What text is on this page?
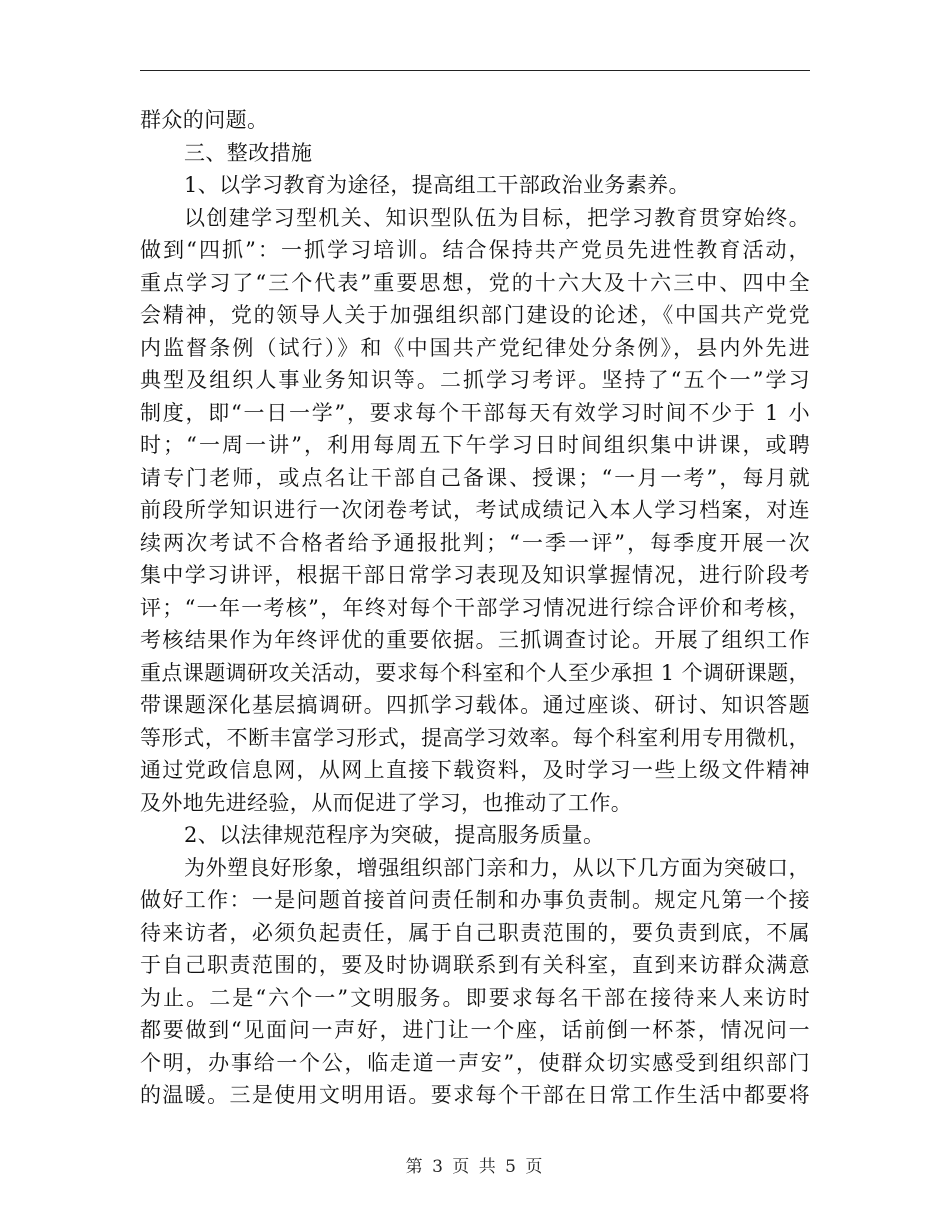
群众的问题。
三、整改措施
1、以学习教育为途径，提高组工干部政治业务素养。
以创建学习型机关、知识型队伍为目标，把学习教育贯穿始终。
做到“四抓”：一抓学习培训。结合保持共产党员先进性教育活动，
重点学习了“三个代表”重要思想，党的十六大及十六三中、四中全
会精神，党的领导人关于加强组织部门建设的论述，《中国共产党党
内监督条例（试行）》和《中国共产党纪律处分条例》，县内外先进
典型及组织人事业务知识等。二抓学习考评。坚持了“五个一”学习
制度，即“一日一学”，要求每个干部每天有效学习时间不少于 1 小
时；“一周一讲”，利用每周五下午学习日时间组织集中讲课，或聘
请专门老师，或点名让干部自己备课、授课；“一月一考”，每月就
前段所学知识进行一次闭卷考试，考试成绩记入本人学习档案，对连
续两次考试不合格者给予通报批判；“一季一评”，每季度开展一次
集中学习讲评，根据干部日常学习表现及知识掌握情况，进行阶段考
评；“一年一考核”，年终对每个干部学习情况进行综合评价和考核，
考核结果作为年终评优的重要依据。三抓调查讨论。开展了组织工作
重点课题调研攻关活动，要求每个科室和个人至少承担 1 个调研课题，
带课题深化基层搞调研。四抓学习载体。通过座谈、研讨、知识答题
等形式，不断丰富学习形式，提高学习效率。每个科室利用专用微机，
通过党政信息网，从网上直接下载资料，及时学习一些上级文件精神
及外地先进经验，从而促进了学习，也推动了工作。
2、以法律规范程序为突破，提高服务质量。
为外塑良好形象，增强组织部门亲和力，从以下几方面为突破口，
做好工作：一是问题首接首问责任制和办事负责制。规定凡第一个接
待来访者，必须负起责任，属于自己职责范围的，要负责到底，不属
于自己职责范围的，要及时协调联系到有关科室，直到来访群众满意
为止。二是“六个一”文明服务。即要求每名干部在接待来人来访时
都要做到“见面问一声好，进门让一个座，话前倒一杯茶，情况问一
个明，办事给一个公，临走道一声安”，使群众切实感受到组织部门
的温暖。三是使用文明用语。要求每个干部在日常工作生活中都要将
第 3 页 共 5 页
